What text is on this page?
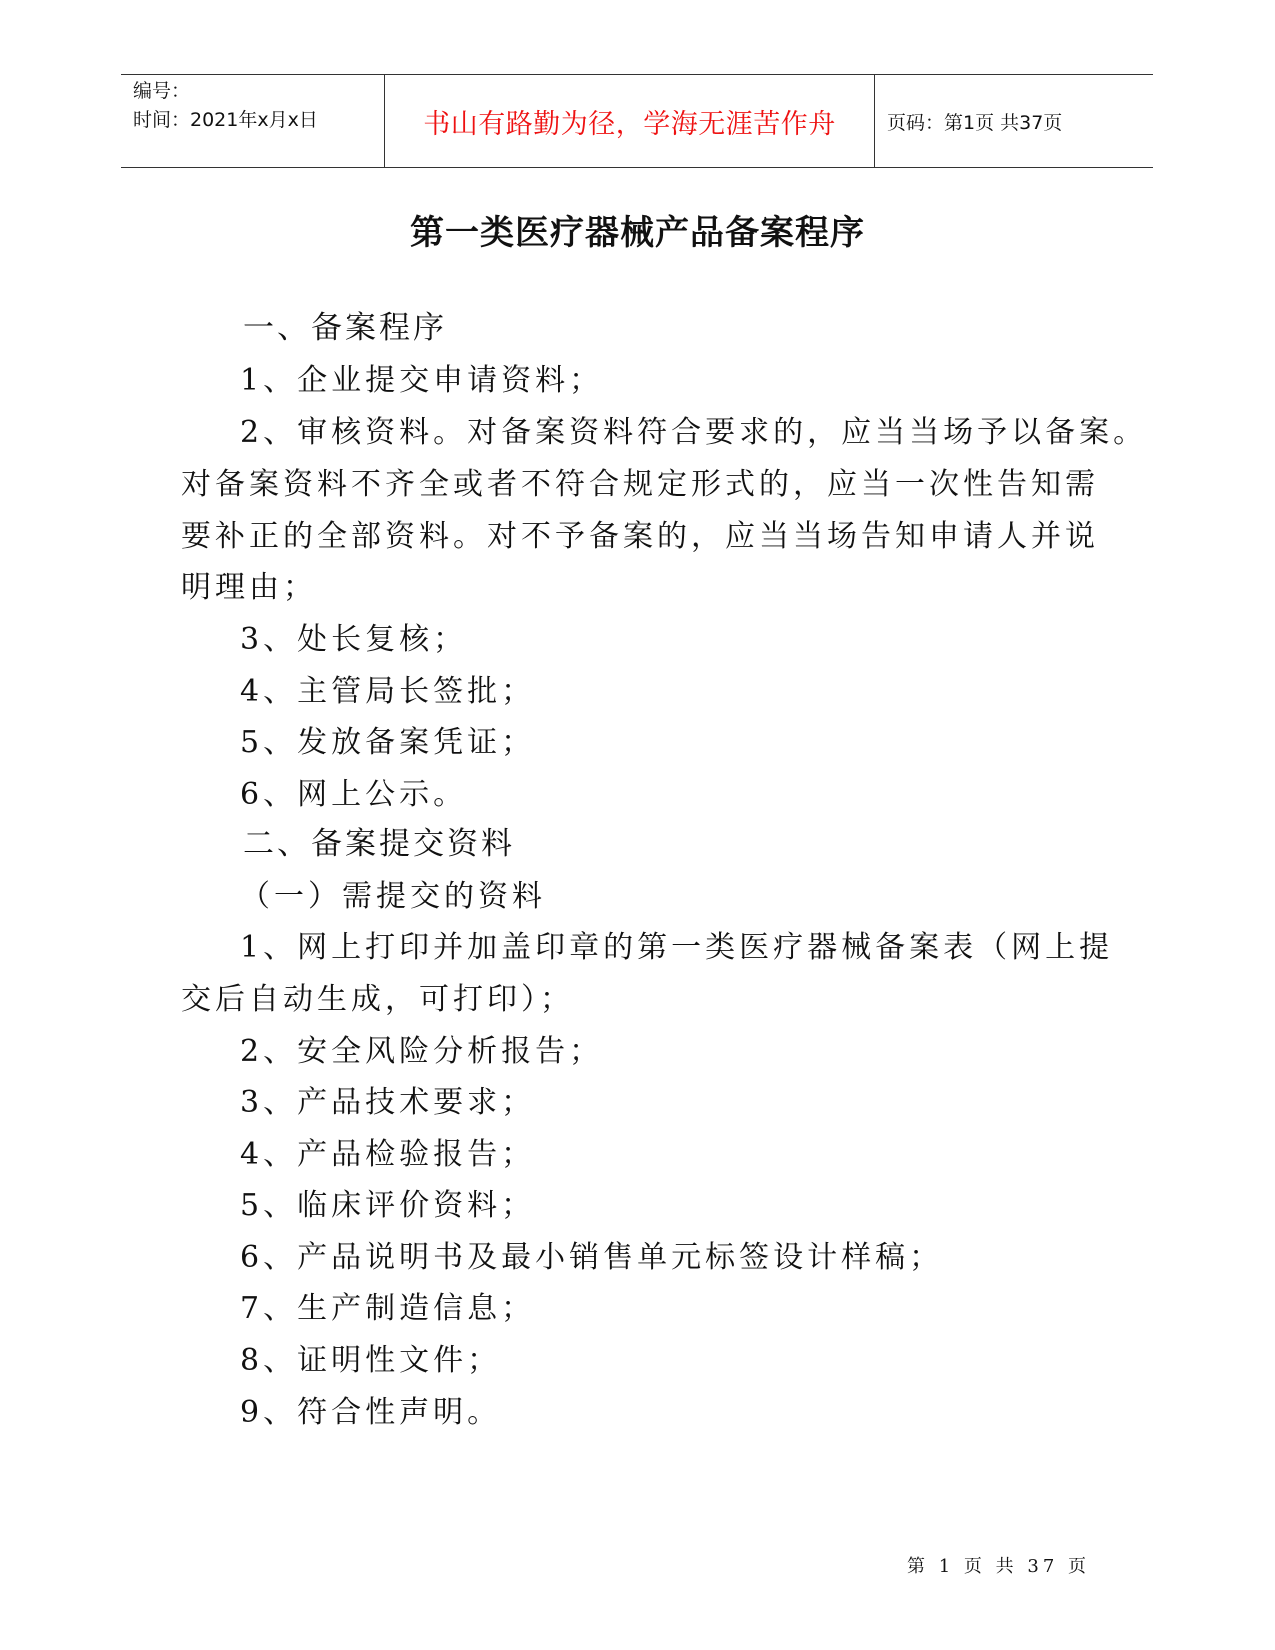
编号：
时间：2021年x月x日	书山有路勤为径，学海无涯苦作舟	页码：第1页 共37页
第一类医疗器械产品备案程序
一、备案程序
1、企业提交申请资料；
2、审核资料。对备案资料符合要求的，应当当场予以备案。
对备案资料不齐全或者不符合规定形式的，应当一次性告知需
要补正的全部资料。对不予备案的，应当当场告知申请人并说
明理由；
3、处长复核；
4、主管局长签批；
5、发放备案凭证；
6、网上公示。
二、备案提交资料
（一）需提交的资料
1、网上打印并加盖印章的第一类医疗器械备案表（网上提
交后自动生成，可打印）；
2、安全风险分析报告；
3、产品技术要求；
4、产品检验报告；
5、临床评价资料；
6、产品说明书及最小销售单元标签设计样稿；
7、生产制造信息；
8、证明性文件；
9、符合性声明。
第 1 页 共 37 页
